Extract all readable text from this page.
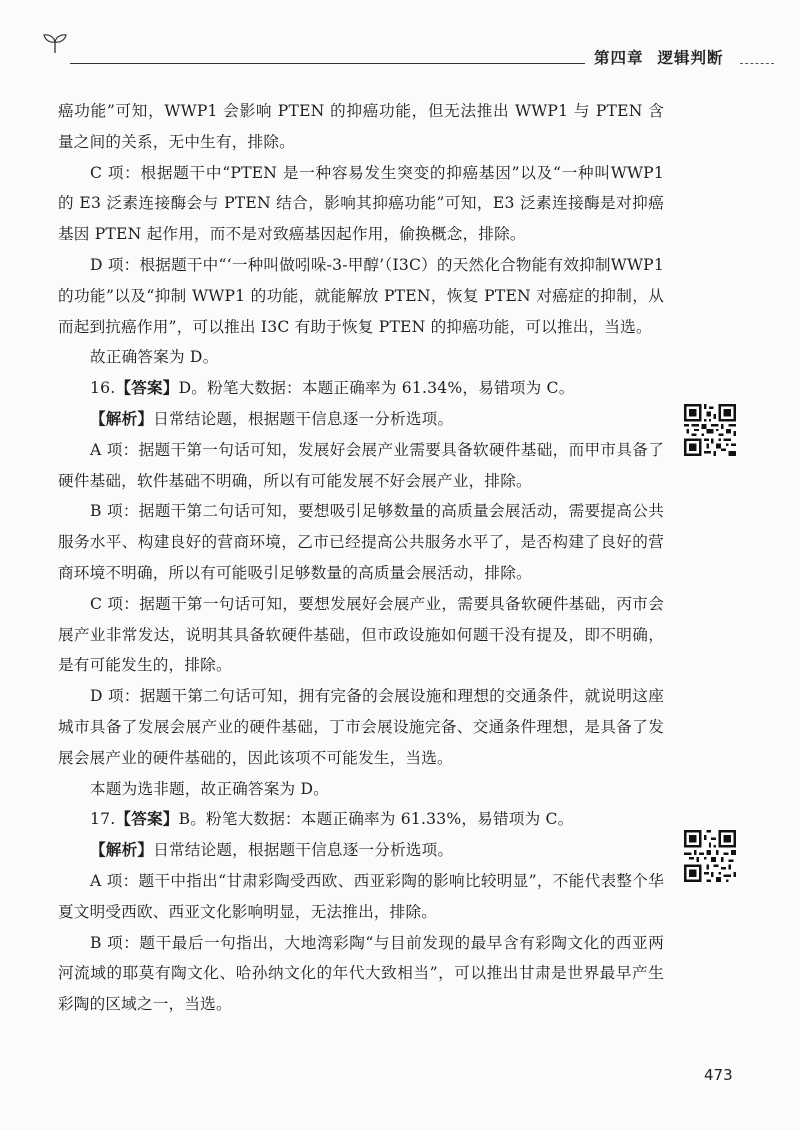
第四章 逻辑判断

癌功能”可知，WWP1 会影响 PTEN 的抑癌功能，但无法推出 WWP1 与 PTEN 含量之间的关系，无中生有，排除。

C 项：根据题干中“PTEN 是一种容易发生突变的抑癌基因”以及“一种叫WWP1 的 E3 泛素连接酶会与 PTEN 结合，影响其抑癌功能”可知，E3 泛素连接酶是对抑癌基因 PTEN 起作用，而不是对致癌基因起作用，偷换概念，排除。

D 项：根据题干中“‘一种叫做吲哚-3-甲醇’（I3C）的天然化合物能有效抑制WWP1 的功能”以及“抑制 WWP1 的功能，就能解放 PTEN，恢复 PTEN 对癌症的抑制，从而起到抗癌作用”，可以推出 I3C 有助于恢复 PTEN 的抑癌功能，可以推出，当选。

故正确答案为 D。

16.【答案】D。粉笔大数据：本题正确率为 61.34%，易错项为 C。

【解析】日常结论题，根据题干信息逐一分析选项。

A 项：据题干第一句话可知，发展好会展产业需要具备软硬件基础，而甲市具备了硬件基础，软件基础不明确，所以有可能发展不好会展产业，排除。

B 项：据题干第二句话可知，要想吸引足够数量的高质量会展活动，需要提高公共服务水平、构建良好的营商环境，乙市已经提高公共服务水平了，是否构建了良好的营商环境不明确，所以有可能吸引足够数量的高质量会展活动，排除。

C 项：据题干第一句话可知，要想发展好会展产业，需要具备软硬件基础，丙市会展产业非常发达，说明其具备软硬件基础，但市政设施如何题干没有提及，即不明确，是有可能发生的，排除。

D 项：据题干第二句话可知，拥有完备的会展设施和理想的交通条件，就说明这座城市具备了发展会展产业的硬件基础，丁市会展设施完备、交通条件理想，是具备了发展会展产业的硬件基础的，因此该项不可能发生，当选。

本题为选非题，故正确答案为 D。

17.【答案】B。粉笔大数据：本题正确率为 61.33%，易错项为 C。

【解析】日常结论题，根据题干信息逐一分析选项。

A 项：题干中指出“甘肃彩陶受西欧、西亚彩陶的影响比较明显”，不能代表整个华夏文明受西欧、西亚文化影响明显，无法推出，排除。

B 项：题干最后一句指出，大地湾彩陶“与目前发现的最早含有彩陶文化的西亚两河流域的耶莫有陶文化、哈孙纳文化的年代大致相当”，可以推出甘肃是世界最早产生彩陶的区域之一，当选。

473
